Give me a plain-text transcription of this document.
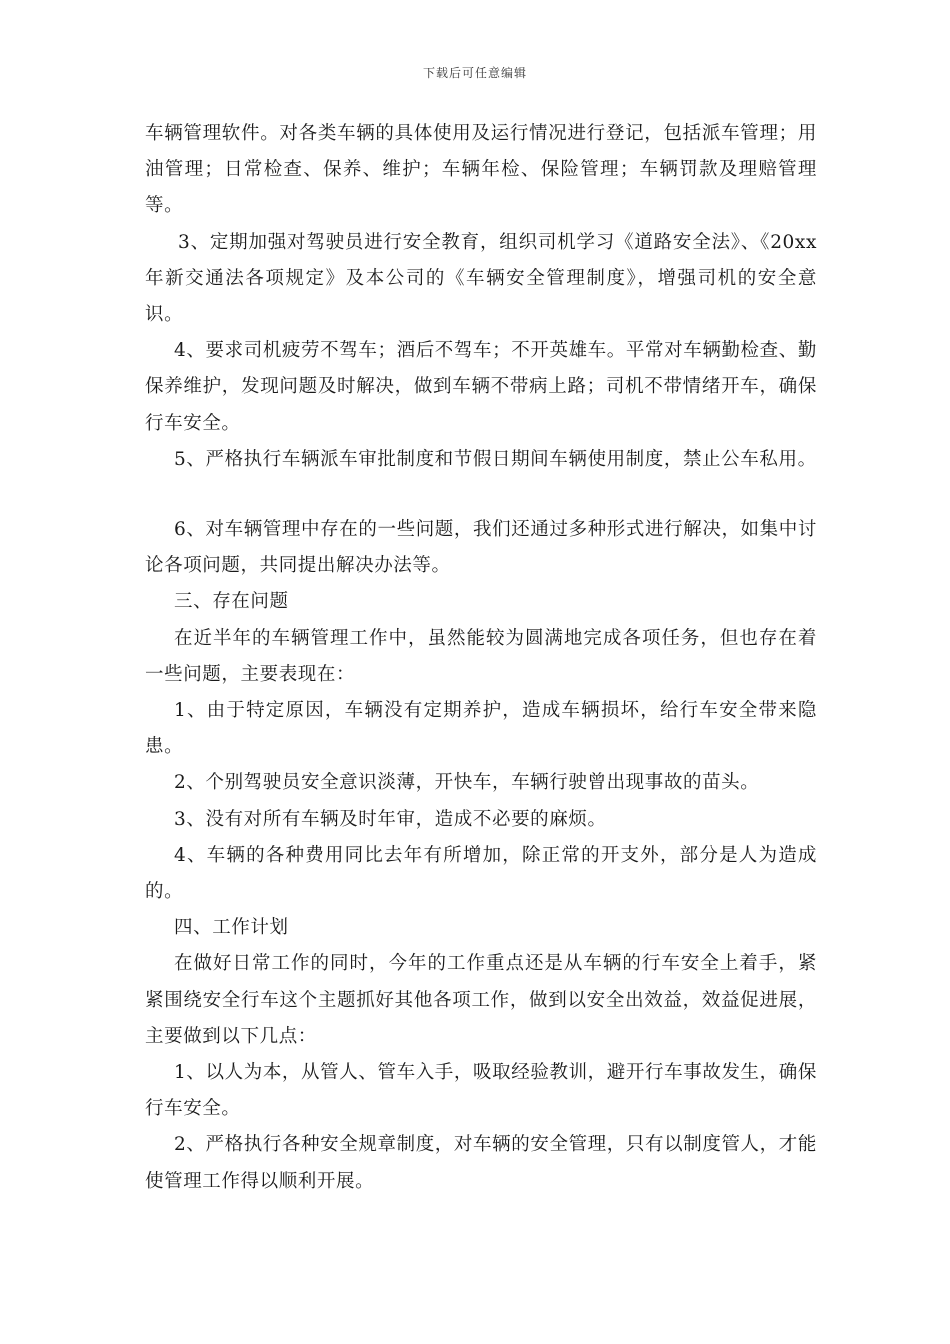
下载后可任意编辑

车辆管理软件。对各类车辆的具体使用及运行情况进行登记，包括派车管理；用油管理；日常检查、保养、维护；车辆年检、保险管理；车辆罚款及理赔管理等。

3、定期加强对驾驶员进行安全教育，组织司机学习《道路安全法》、《20xx年新交通法各项规定》及本公司的《车辆安全管理制度》，增强司机的安全意识。

4、要求司机疲劳不驾车；酒后不驾车；不开英雄车。平常对车辆勤检查、勤保养维护，发现问题及时解决，做到车辆不带病上路；司机不带情绪开车，确保行车安全。

5、严格执行车辆派车审批制度和节假日期间车辆使用制度，禁止公车私用。

6、对车辆管理中存在的一些问题，我们还通过多种形式进行解决，如集中讨论各项问题，共同提出解决办法等。

三、存在问题

在近半年的车辆管理工作中，虽然能较为圆满地完成各项任务，但也存在着一些问题，主要表现在：

1、由于特定原因，车辆没有定期养护，造成车辆损坏，给行车安全带来隐患。

2、个别驾驶员安全意识淡薄，开快车，车辆行驶曾出现事故的苗头。

3、没有对所有车辆及时年审，造成不必要的麻烦。

4、车辆的各种费用同比去年有所增加，除正常的开支外，部分是人为造成的。

四、工作计划

在做好日常工作的同时，今年的工作重点还是从车辆的行车安全上着手，紧紧围绕安全行车这个主题抓好其他各项工作，做到以安全出效益，效益促进展，主要做到以下几点：

1、以人为本，从管人、管车入手，吸取经验教训，避开行车事故发生，确保行车安全。

2、严格执行各种安全规章制度，对车辆的安全管理，只有以制度管人，才能使管理工作得以顺利开展。
